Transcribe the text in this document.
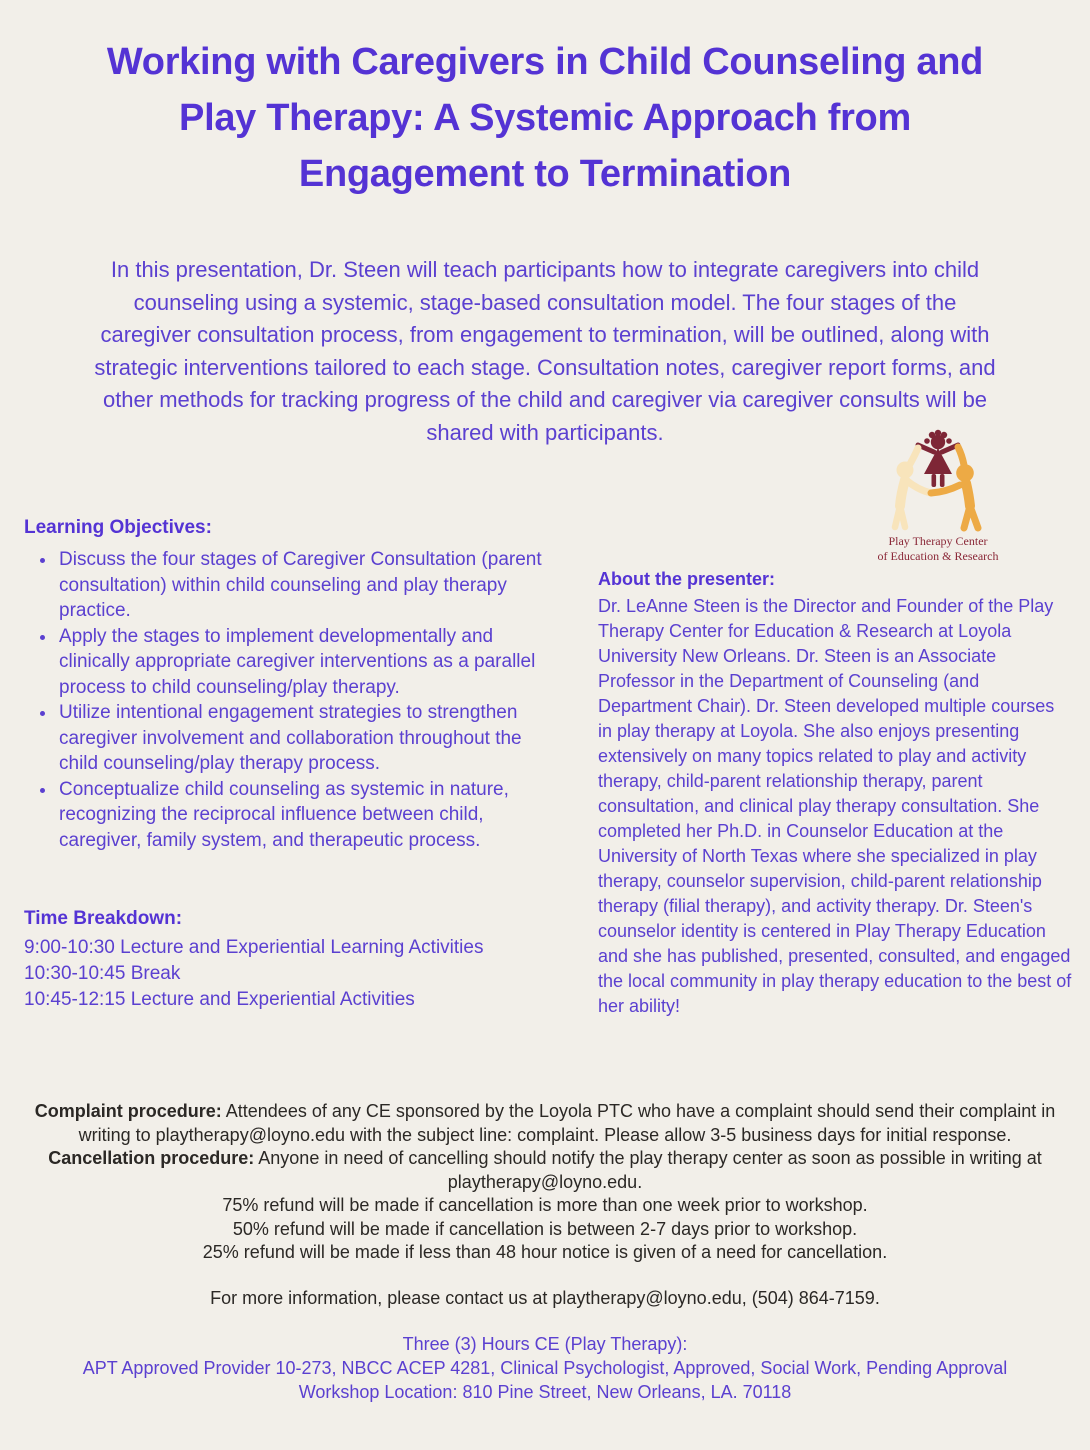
Working with Caregivers in Child Counseling and
Play Therapy: A Systemic Approach from
Engagement to Termination
In this presentation, Dr. Steen will teach participants how to integrate caregivers into child counseling using a systemic, stage-based consultation model. The four stages of the caregiver consultation process, from engagement to termination, will be outlined, along with strategic interventions tailored to each stage. Consultation notes, caregiver report forms, and other methods for tracking progress of the child and caregiver via caregiver consults will be shared with participants.
Play Therapy Center
of Education & Research
Learning Objectives:
• Discuss the four stages of Caregiver Consultation (parent consultation) within child counseling and play therapy practice.
• Apply the stages to implement developmentally and clinically appropriate caregiver interventions as a parallel process to child counseling/play therapy.
• Utilize intentional engagement strategies to strengthen caregiver involvement and collaboration throughout the child counseling/play therapy process.
• Conceptualize child counseling as systemic in nature, recognizing the reciprocal influence between child, caregiver, family system, and therapeutic process.
Time Breakdown:
9:00-10:30 Lecture and Experiential Learning Activities
10:30-10:45 Break
10:45-12:15 Lecture and Experiential Activities
About the presenter:
Dr. LeAnne Steen is the Director and Founder of the Play Therapy Center for Education & Research at Loyola University New Orleans. Dr. Steen is an Associate Professor in the Department of Counseling (and Department Chair). Dr. Steen developed multiple courses in play therapy at Loyola. She also enjoys presenting extensively on many topics related to play and activity therapy, child-parent relationship therapy, parent consultation, and clinical play therapy consultation. She completed her Ph.D. in Counselor Education at the University of North Texas where she specialized in play therapy, counselor supervision, child-parent relationship therapy (filial therapy), and activity therapy. Dr. Steen's counselor identity is centered in Play Therapy Education and she has published, presented, consulted, and engaged the local community in play therapy education to the best of her ability!
Complaint procedure: Attendees of any CE sponsored by the Loyola PTC who have a complaint should send their complaint in writing to playtherapy@loyno.edu with the subject line: complaint. Please allow 3-5 business days for initial response.
Cancellation procedure: Anyone in need of cancelling should notify the play therapy center as soon as possible in writing at playtherapy@loyno.edu.
75% refund will be made if cancellation is more than one week prior to workshop.
50% refund will be made if cancellation is between 2-7 days prior to workshop.
25% refund will be made if less than 48 hour notice is given of a need for cancellation.
For more information, please contact us at playtherapy@loyno.edu, (504) 864-7159.
Three (3) Hours CE (Play Therapy):
APT Approved Provider 10-273, NBCC ACEP 4281, Clinical Psychologist, Approved, Social Work, Pending Approval
Workshop Location: 810 Pine Street, New Orleans, LA. 70118
